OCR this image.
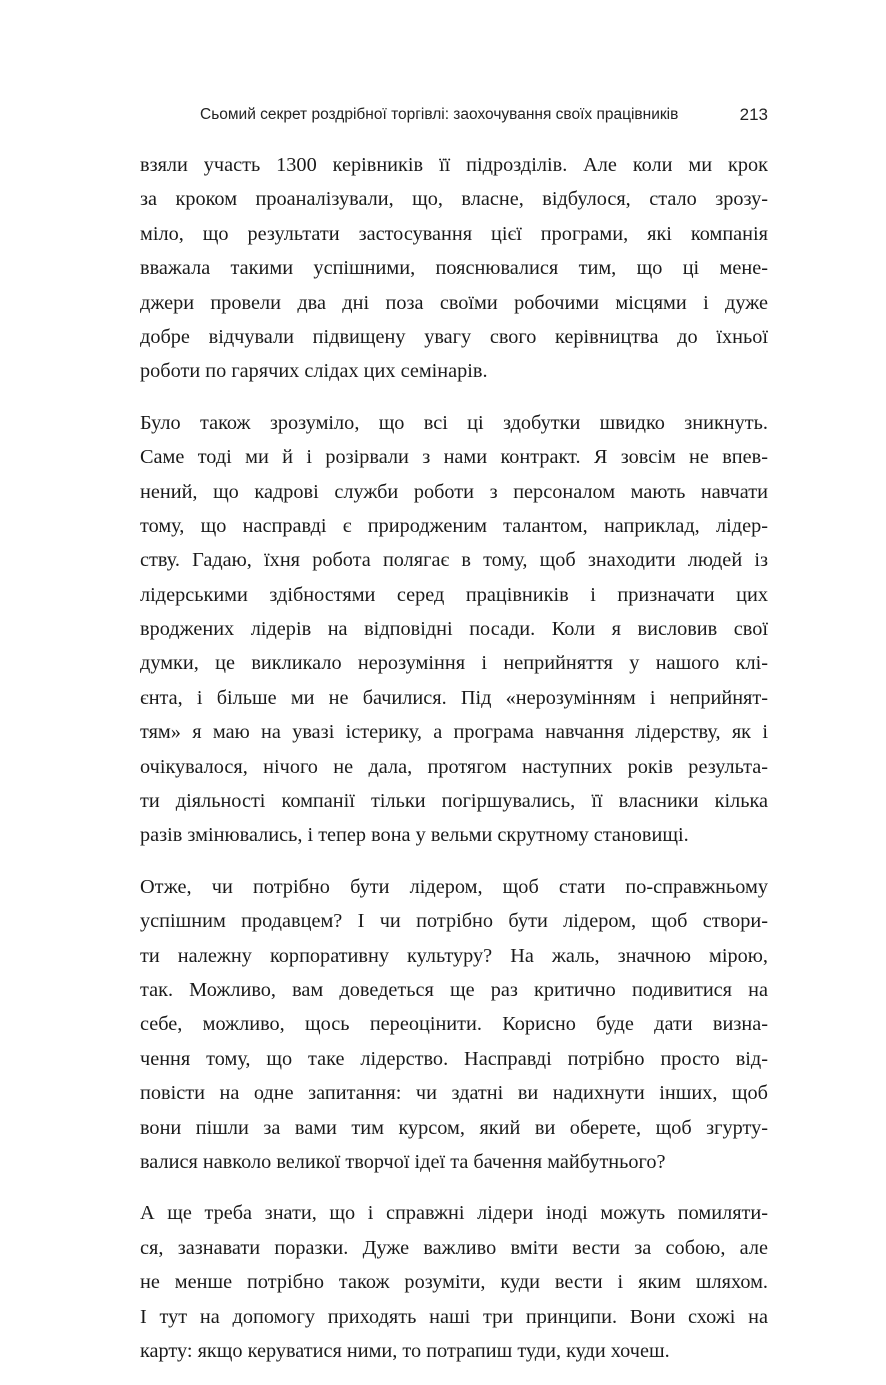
Сьомий секрет роздрібної торгівлі: заохочування своїх працівників	213
взяли участь 1300 керівників її підрозділів. Але коли ми крок
за кроком проаналізували, що, власне, відбулося, стало зрозу-
міло, що результати застосування цієї програми, які компанія
вважала такими успішними, пояснювалися тим, що ці мене-
джери провели два дні поза своїми робочими місцями і дуже
добре відчували підвищену увагу свого керівництва до їхньої
роботи по гарячих слідах цих семінарів.
Було також зрозуміло, що всі ці здобутки швидко зникнуть.
Саме тоді ми й і розірвали з нами контракт. Я зовсім не впев-
нений, що кадрові служби роботи з персоналом мають навчати
тому, що насправді є природженим талантом, наприклад, лідер-
ству. Гадаю, їхня робота полягає в тому, щоб знаходити людей із
лідерськими здібностями серед працівників і призначати цих
вроджених лідерів на відповідні посади. Коли я висловив свої
думки, це викликало нерозуміння і неприйняття у нашого клі-
єнта, і більше ми не бачилися. Під «нерозумінням і неприйнят-
тям» я маю на увазі істерику, а програма навчання лідерству, як і
очікувалося, нічого не дала, протягом наступних років результа-
ти діяльності компанії тільки погіршувались, її власники кілька
разів змінювались, і тепер вона у вельми скрутному становищі.
Отже, чи потрібно бути лідером, щоб стати по-справжньому
успішним продавцем? І чи потрібно бути лідером, щоб створи-
ти належну корпоративну культуру? На жаль, значною мірою,
так. Можливо, вам доведеться ще раз критично подивитися на
себе, можливо, щось переоцінити. Корисно буде дати визна-
чення тому, що таке лідерство. Насправді потрібно просто від-
повісти на одне запитання: чи здатні ви надихнути інших, щоб
вони пішли за вами тим курсом, який ви оберете, щоб згурту-
валися навколо великої творчої ідеї та бачення майбутнього?
А ще треба знати, що і справжні лідери іноді можуть помиляти-
ся, зазнавати поразки. Дуже важливо вміти вести за собою, але
не менше потрібно також розуміти, куди вести і яким шляхом.
І тут на допомогу приходять наші три принципи. Вони схожі на
карту: якщо керуватися ними, то потрапиш туди, куди хочеш.
